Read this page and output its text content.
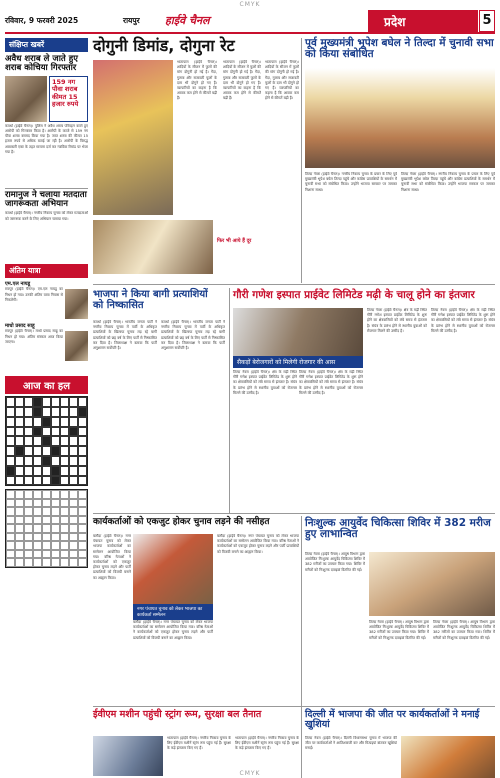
CMYK
रविवार, 9 फरवरी 2025	रायपुर हाईवे चैनल	प्रदेश	5
संक्षिप्त खबरें
अवैध शराब ले जाते हुए शराब कोचिया गिरफ्तार
159 नग पौवा शराब कीमत 15 हजार रुपये
कवर्धा (हाईवे चैनल)। पुलिस ने अवैध शराब परिवहन करते हुए आरोपी को गिरफ्तार किया है। आरोपी के कब्जे से 159 नग पौवा शराब बरामद किया गया है। जब्त शराब की कीमत 15 हजार रुपये से अधिक बताई जा रही है। आरोपी के विरुद्ध आबकारी एक्ट के तहत मामला दर्ज कर न्यायिक रिमांड पर भेजा गया है।
रामानुज ने चलाया मतदाता जागरूकता अभियान
कवर्धा (हाईवे चैनल)। नगरीय निकाय चुनाव को लेकर मतदाताओं को जागरूक करने के लिए अभियान चलाया गया।
अंतिम यात्रा
एम.एल नायडू
रायपुर (हाईवे चैनल)। एम.एल नायडू का निधन हो गया। उनकी अंतिम यात्रा निवास से निकलेगी।
माधो प्रसाद साहू
रायपुर (हाईवे चैनल)। माधो प्रसाद साहू का निधन हो गया। अंतिम संस्कार आज किया जाएगा।
आज का हल
दोगुनी डिमांड, दोगुना रेट
भाटापारा (हाईवे चैनल)। शादियों के सीजन में फूलों की मांग दोगुनी हो गई है। गेंदा, गुलाब और सजावटी फूलों के दाम भी दोगुने हो गए हैं। व्यापारियों का कहना है कि आवक कम होने से कीमतें बढ़ी हैं।
भाटापारा (हाईवे चैनल)। शादियों के सीजन में फूलों की मांग दोगुनी हो गई है। गेंदा, गुलाब और सजावटी फूलों के दाम भी दोगुने हो गए हैं। व्यापारियों का कहना है कि आवक कम होने से कीमतें बढ़ी हैं।
फिर भी आये हैं दूर
भाटापारा (हाईवे चैनल)। शादियों के सीजन में फूलों की मांग दोगुनी हो गई है। गेंदा, गुलाब और सजावटी फूलों के दाम भी दोगुने हो गए हैं। व्यापारियों का कहना है कि आवक कम होने से कीमतें बढ़ी हैं।
पूर्व मुख्यमंत्री भूपेश बघेल ने तिल्दा में चुनावी सभा को किया संबोधित
तिल्दा नेवरा (हाईवे चैनल)। नगरीय निकाय चुनाव के प्रचार के लिए पूर्व मुख्यमंत्री भूपेश बघेल तिल्दा पहुंचे और कांग्रेस प्रत्याशियों के समर्थन में चुनावी सभा को संबोधित किया। उन्होंने भाजपा सरकार पर जमकर निशाना साधा।
तिल्दा नेवरा (हाईवे चैनल)। नगरीय निकाय चुनाव के प्रचार के लिए पूर्व मुख्यमंत्री भूपेश बघेल तिल्दा पहुंचे और कांग्रेस प्रत्याशियों के समर्थन में चुनावी सभा को संबोधित किया। उन्होंने भाजपा सरकार पर जमकर निशाना साधा।
भाजपा ने किया बागी प्रत्याशियों को निष्कासित
कवर्धा (हाईवे चैनल)। भारतीय जनता पार्टी ने नगरीय निकाय चुनाव में पार्टी के अधिकृत प्रत्याशियों के खिलाफ चुनाव लड़ रहे बागी प्रत्याशियों को छह वर्ष के लिए पार्टी से निष्कासित कर दिया है। जिलाध्यक्ष ने बताया कि पार्टी अनुशासन सर्वोपरि है।
कवर्धा (हाईवे चैनल)। भारतीय जनता पार्टी ने नगरीय निकाय चुनाव में पार्टी के अधिकृत प्रत्याशियों के खिलाफ चुनाव लड़ रहे बागी प्रत्याशियों को छह वर्ष के लिए पार्टी से निष्कासित कर दिया है। जिलाध्यक्ष ने बताया कि पार्टी अनुशासन सर्वोपरि है।
गौरी गणेश इस्पात प्राईवेट लिमिटेड मढ़ी के चालू होने का इंतजार
सैकड़ों बेरोजगारों को मिलेगी रोजगार की आस
तिल्दा नेवरा (हाईवे चैनल)। क्षेत्र के मढ़ी स्थित गौरी गणेश इस्पात प्राईवेट लिमिटेड के शुरू होने का क्षेत्रवासियों को लंबे समय से इंतजार है। संयंत्र के प्रारंभ होने से स्थानीय युवाओं को रोजगार मिलने की उम्मीद है।
तिल्दा नेवरा (हाईवे चैनल)। क्षेत्र के मढ़ी स्थित गौरी गणेश इस्पात प्राईवेट लिमिटेड के शुरू होने का क्षेत्रवासियों को लंबे समय से इंतजार है। संयंत्र के प्रारंभ होने से स्थानीय युवाओं को रोजगार मिलने की उम्मीद है।
तिल्दा नेवरा (हाईवे चैनल)। क्षेत्र के मढ़ी स्थित गौरी गणेश इस्पात प्राईवेट लिमिटेड के शुरू होने का क्षेत्रवासियों को लंबे समय से इंतजार है। संयंत्र के प्रारंभ होने से स्थानीय युवाओं को रोजगार मिलने की उम्मीद है।
तिल्दा नेवरा (हाईवे चैनल)। क्षेत्र के मढ़ी स्थित गौरी गणेश इस्पात प्राईवेट लिमिटेड के शुरू होने का क्षेत्रवासियों को लंबे समय से इंतजार है। संयंत्र के प्रारंभ होने से स्थानीय युवाओं को रोजगार मिलने की उम्मीद है।
कार्यकर्ताओं को एकजुट होकर चुनाव लड़ने की नसीहत
नगर पंचायत चुनाव को लेकर भाजपा का कार्यकर्ता सम्मेलन
बलौदा (हाईवे चैनल)। नगर पंचायत चुनाव को लेकर भाजपा कार्यकर्ताओं का सम्मेलन आयोजित किया गया। वरिष्ठ नेताओं ने कार्यकर्ताओं को एकजुट होकर चुनाव लड़ने और पार्टी प्रत्याशियों को विजयी बनाने का आह्वान किया।
बलौदा (हाईवे चैनल)। नगर पंचायत चुनाव को लेकर भाजपा कार्यकर्ताओं का सम्मेलन आयोजित किया गया। वरिष्ठ नेताओं ने कार्यकर्ताओं को एकजुट होकर चुनाव लड़ने और पार्टी प्रत्याशियों को विजयी बनाने का आह्वान किया।
बलौदा (हाईवे चैनल)। नगर पंचायत चुनाव को लेकर भाजपा कार्यकर्ताओं का सम्मेलन आयोजित किया गया। वरिष्ठ नेताओं ने कार्यकर्ताओं को एकजुट होकर चुनाव लड़ने और पार्टी प्रत्याशियों को विजयी बनाने का आह्वान किया।
निःशुल्क आयुर्वेद चिकित्सा शिविर में 382 मरीज हुए लाभान्वित
तिल्दा नेवरा (हाईवे चैनल)। आयुष विभाग द्वारा आयोजित निःशुल्क आयुर्वेद चिकित्सा शिविर में 382 मरीजों का उपचार किया गया। शिविर में मरीजों को निःशुल्क दवाइयां वितरित की गईं।
तिल्दा नेवरा (हाईवे चैनल)। आयुष विभाग द्वारा आयोजित निःशुल्क आयुर्वेद चिकित्सा शिविर में 382 मरीजों का उपचार किया गया। शिविर में मरीजों को निःशुल्क दवाइयां वितरित की गईं।
तिल्दा नेवरा (हाईवे चैनल)। आयुष विभाग द्वारा आयोजित निःशुल्क आयुर्वेद चिकित्सा शिविर में 382 मरीजों का उपचार किया गया। शिविर में मरीजों को निःशुल्क दवाइयां वितरित की गईं।
ईवीएम मशीन पहुंची स्ट्रांग रूम, सुरक्षा बल तैनात
भाटापारा (हाईवे चैनल)। नगरीय निकाय चुनाव के लिए ईवीएम मशीनें स्ट्रांग रूम पहुंच गई हैं। सुरक्षा के कड़े इंतजाम किए गए हैं।
भाटापारा (हाईवे चैनल)। नगरीय निकाय चुनाव के लिए ईवीएम मशीनें स्ट्रांग रूम पहुंच गई हैं। सुरक्षा के कड़े इंतजाम किए गए हैं।
दिल्ली में भाजपा की जीत पर कार्यकर्ताओं ने मनाई खुशियां
तिल्दा नेवरा (हाईवे चैनल)। दिल्ली विधानसभा चुनाव में भाजपा की जीत पर कार्यकर्ताओं ने आतिशबाजी कर और मिठाइयां बांटकर खुशियां मनाईं।
CMYK
